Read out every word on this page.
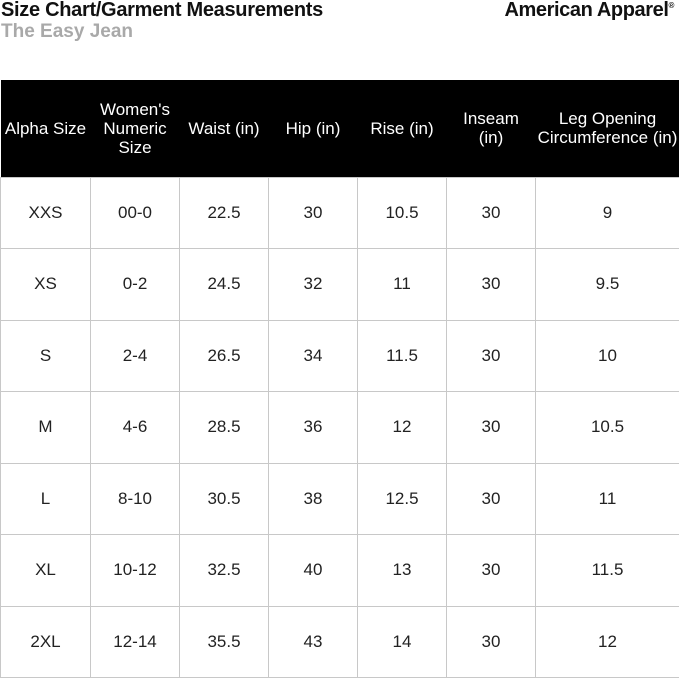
Size Chart/Garment Measurements
The Easy Jean
American Apparel®
Alpha Size	Women's Numeric Size	Waist (in)	Hip (in)	Rise (in)	Inseam (in)	Leg Opening Circumference (in)
XXS	00-0	22.5	30	10.5	30	9
XS	0-2	24.5	32	11	30	9.5
S	2-4	26.5	34	11.5	30	10
M	4-6	28.5	36	12	30	10.5
L	8-10	30.5	38	12.5	30	11
XL	10-12	32.5	40	13	30	11.5
2XL	12-14	35.5	43	14	30	12
